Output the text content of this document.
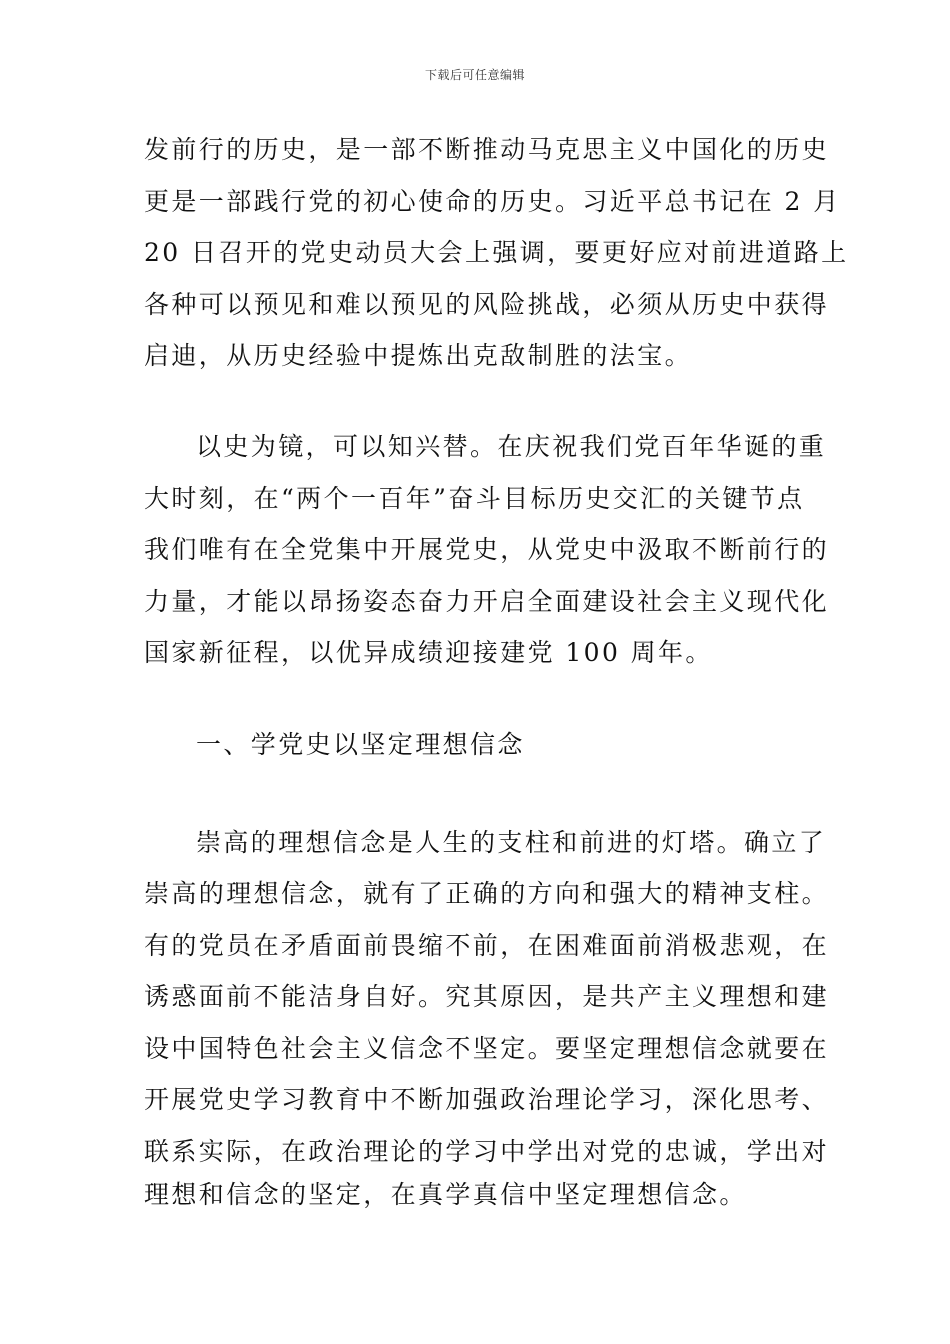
下载后可任意编辑
发前行的历史，是一部不断推动马克思主义中国化的历史
更是一部践行党的初心使命的历史。习近平总书记在 2 月
20 日召开的党史动员大会上强调，要更好应对前进道路上
各种可以预见和难以预见的风险挑战，必须从历史中获得
启迪，从历史经验中提炼出克敌制胜的法宝。
以史为镜，可以知兴替。在庆祝我们党百年华诞的重
大时刻，在“两个一百年”奋斗目标历史交汇的关键节点
我们唯有在全党集中开展党史，从党史中汲取不断前行的
力量，才能以昂扬姿态奋力开启全面建设社会主义现代化
国家新征程，以优异成绩迎接建党 100 周年。
一、学党史以坚定理想信念
崇高的理想信念是人生的支柱和前进的灯塔。确立了
崇高的理想信念，就有了正确的方向和强大的精神支柱。
有的党员在矛盾面前畏缩不前，在困难面前消极悲观，在
诱惑面前不能洁身自好。究其原因，是共产主义理想和建
设中国特色社会主义信念不坚定。要坚定理想信念就要在
开展党史学习教育中不断加强政治理论学习，深化思考、
联系实际，在政治理论的学习中学出对党的忠诚，学出对
理想和信念的坚定，在真学真信中坚定理想信念。
